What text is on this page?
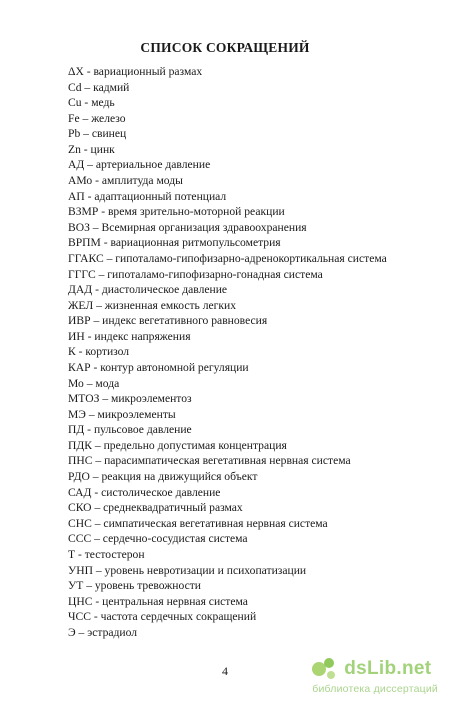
СПИСОК СОКРАЩЕНИЙ
ΔX - вариационный размах
Cd – кадмий
Cu - медь
Fe – железо
Pb – свинец
Zn - цинк
АД – артериальное давление
АМо - амплитуда моды
АП - адаптационный потенциал
ВЗМР - время зрительно-моторной реакции
ВОЗ – Всемирная организация здравоохранения
ВРПМ - вариационная ритмопульсометрия
ГГАКС – гипоталамо-гипофизарно-адренокортикальная система
ГГГС – гипоталамо-гипофизарно-гонадная система
ДАД - диастолическое давление
ЖЕЛ – жизненная емкость легких
ИВР – индекс вегетативного равновесия
ИН - индекс напряжения
К - кортизол
КАР - контур автономной регуляции
Мо – мода
МТОЗ – микроэлементоз
МЭ – микроэлементы
ПД - пульсовое давление
ПДК – предельно допустимая концентрация
ПНС – парасимпатическая вегетативная нервная система
РДО – реакция на движущийся объект
САД - систолическое давление
СКО – среднеквадратичный размах
СНС – симпатическая вегетативная нервная система
ССС – сердечно-сосудистая система
Т - тестостерон
УНП – уровень невротизации и психопатизации
УТ – уровень тревожности
ЦНС - центральная нервная система
ЧСС - частота сердечных сокращений
Э – эстрадиол
4	dsLib.net
библиотека диссертаций
